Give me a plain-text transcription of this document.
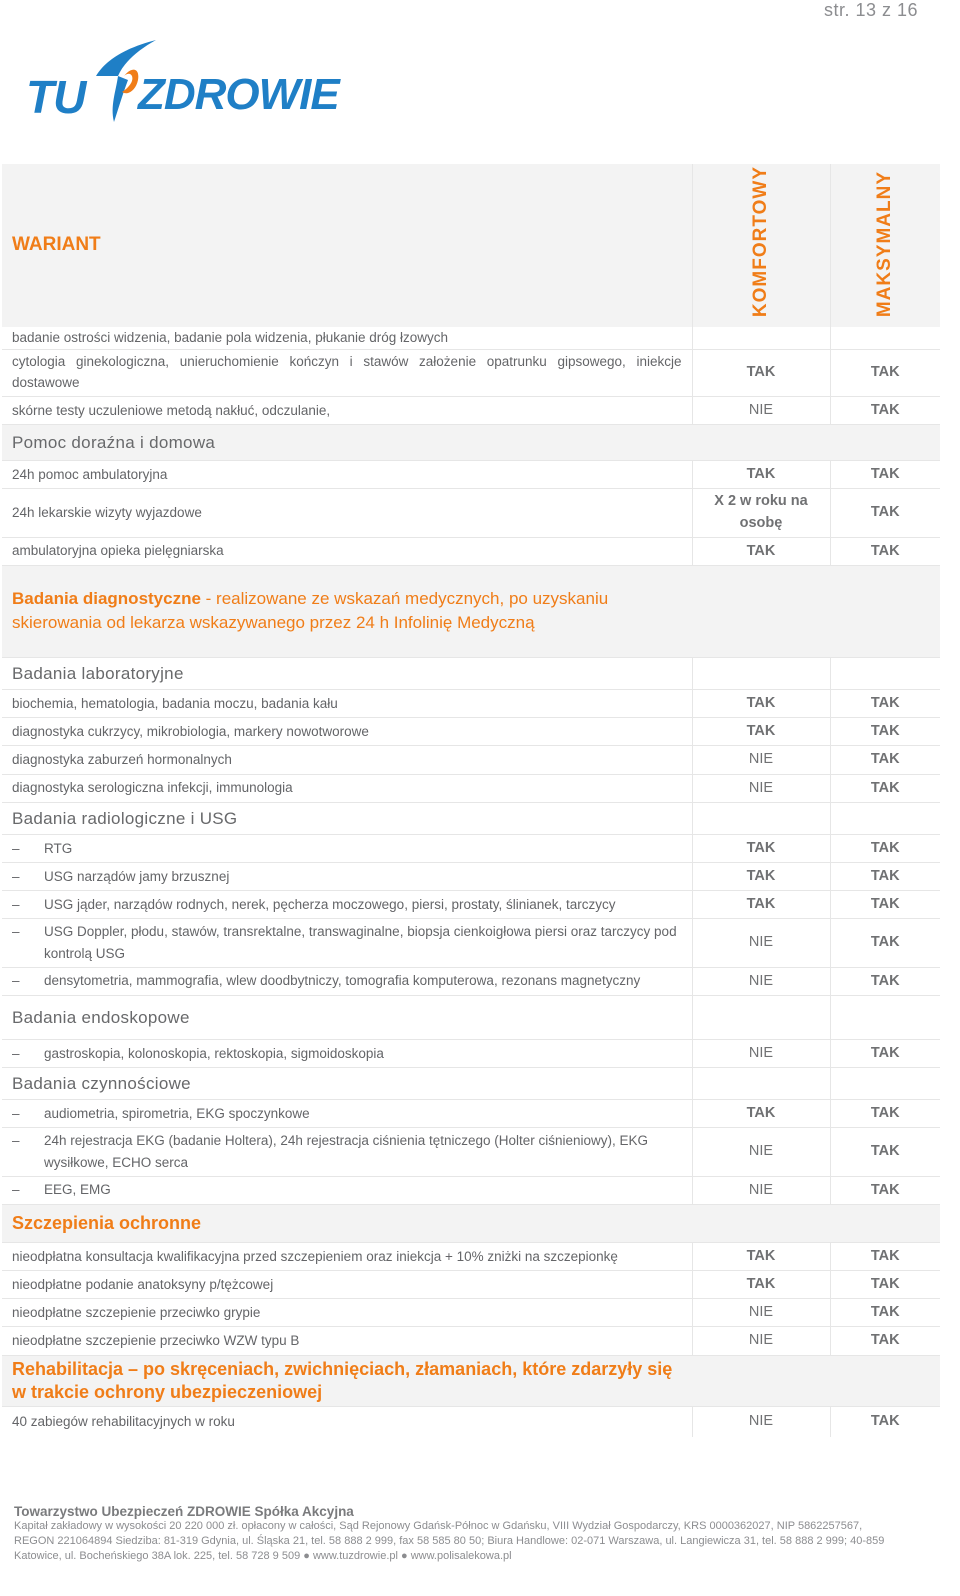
str. 13 z 16
TU ZDROWIE
WARIANT	KOMFORTOWY	MAKSYMALNY
badanie ostrości widzenia, badanie pola widzenia, płukanie dróg łzowych		
cytologia ginekologiczna, unieruchomienie kończyn i stawów założenie opatrunku gipsowego, iniekcje dostawowe	TAK	TAK
skórne testy uczuleniowe metodą nakłuć, odczulanie,	NIE	TAK
Pomoc doraźna i domowa		
24h pomoc ambulatoryjna	TAK	TAK
24h lekarskie wizyty wyjazdowe	X 2 w roku na osobę	TAK
ambulatoryjna opieka pielęgniarska	TAK	TAK
Badania diagnostyczne - realizowane ze wskazań medycznych, po uzyskaniu skierowania od lekarza wskazywanego przez 24 h Infolinię Medyczną		
Badania laboratoryjne		
biochemia, hematologia, badania moczu, badania kału	TAK	TAK
diagnostyka cukrzycy, mikrobiologia, markery nowotworowe	TAK	TAK
diagnostyka zaburzeń hormonalnych	NIE	TAK
diagnostyka serologiczna infekcji, immunologia	NIE	TAK
Badania radiologiczne i USG		

– RTG	TAK	TAK

– USG narządów jamy brzusznej	TAK	TAK

– USG jąder, narządów rodnych, nerek, pęcherza moczowego, piersi, prostaty, ślinianek, tarczycy	TAK	TAK

– USG Doppler, płodu, stawów, transrektalne, transwaginalne, biopsja cienkoigłowa piersi oraz tarczycy pod kontrolą USG	NIE	TAK

– densytometria, mammografia, wlew doodbytniczy, tomografia komputerowa, rezonans magnetyczny	NIE	TAK
Badania endoskopowe		

– gastroskopia, kolonoskopia, rektoskopia, sigmoidoskopia	NIE	TAK
Badania czynnościowe		

– audiometria, spirometria, EKG spoczynkowe	TAK	TAK

– 24h rejestracja EKG (badanie Holtera), 24h rejestracja ciśnienia tętniczego (Holter ciśnieniowy), EKG wysiłkowe, ECHO serca	NIE	TAK

– EEG, EMG	NIE	TAK
Szczepienia ochronne		
nieodpłatna konsultacja kwalifikacyjna przed szczepieniem oraz iniekcja + 10% zniżki na szczepionkę	TAK	TAK
nieodpłatne podanie anatoksyny p/tężcowej	TAK	TAK
nieodpłatne szczepienie przeciwko grypie	NIE	TAK
nieodpłatne szczepienie przeciwko WZW typu B	NIE	TAK
Rehabilitacja – po skręceniach, zwichnięciach, złamaniach, które zdarzyły się w trakcie ochrony ubezpieczeniowej		
40 zabiegów rehabilitacyjnych w roku	NIE	TAK
Towarzystwo Ubezpieczeń ZDROWIE Spółka Akcyjna
Kapitał zakładowy w wysokości 20 220 000 zł. opłacony w całości, Sąd Rejonowy Gdańsk-Północ w Gdańsku, VIII Wydział Gospodarczy, KRS 0000362027, NIP 5862257567, REGON 221064894 Siedziba: 81-319 Gdynia, ul. Śląska 21, tel. 58 888 2 999, fax 58 585 80 50; Biura Handlowe: 02-071 Warszawa, ul. Langiewicza 31, tel. 58 888 2 999; 40-859 Katowice, ul. Bocheńskiego 38A lok. 225, tel. 58 728 9 509 ● www.tuzdrowie.pl ● www.polisalekowa.pl
